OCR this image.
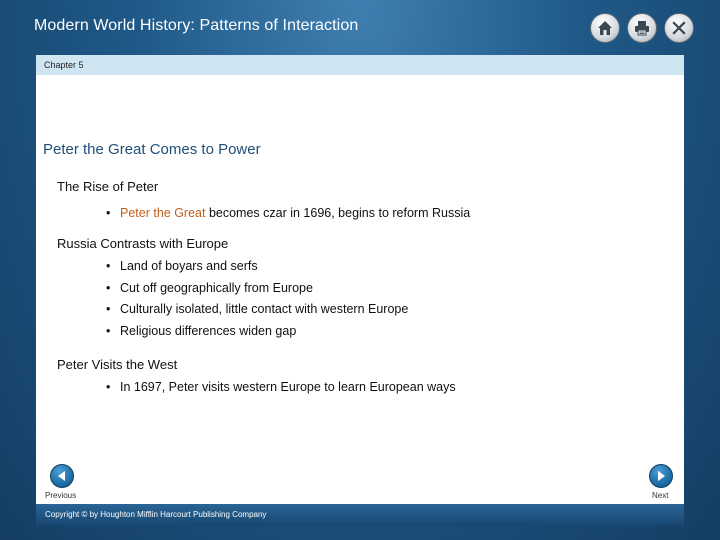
Modern World History: Patterns of Interaction
Chapter 5
Peter the Great Comes to Power
The Rise of Peter
• Peter the Great becomes czar in 1696, begins to reform Russia
Russia Contrasts with Europe
• Land of boyars and serfs
• Cut off geographically from Europe
• Culturally isolated, little contact with western Europe
• Religious differences widen gap
Peter Visits the West
• In 1697, Peter visits western Europe to learn European ways
Previous	Next
Copyright © by Houghton Mifflin Harcourt Publishing Company
